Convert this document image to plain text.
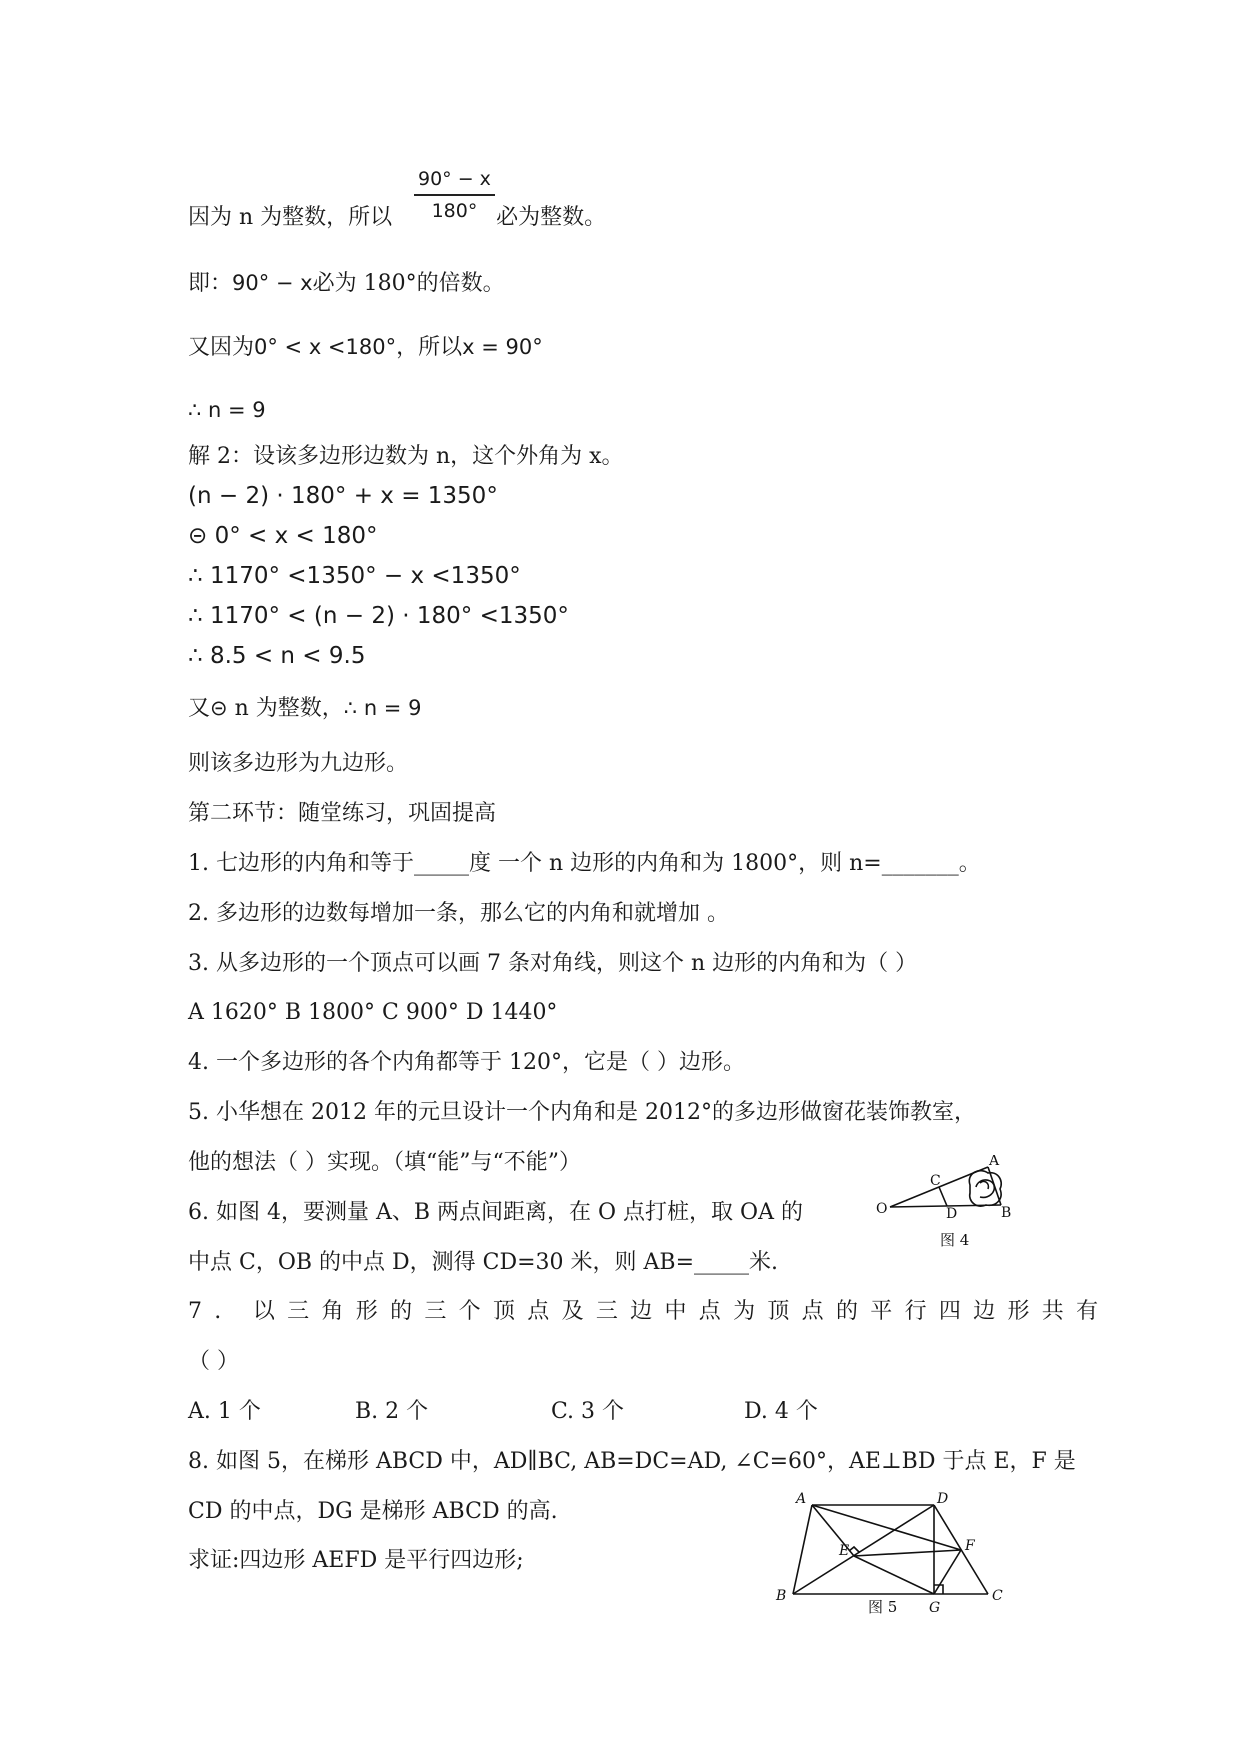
因为 n 为整数，所以	必为整数。
$\frac{90^\circ - x}{180^\circ}$
即：90° − x必为 180°的倍数。
又因为0° < x <180°，所以x = 90°
∴ n = 9
解 2：设该多边形边数为 n，这个外角为 x。
(n − 2) · 180° + x = 1350°
⊝ 0° < x < 180°
∴ 1170° <1350° − x <1350°
∴ 1170° < (n − 2) · 180° <1350°
∴ 8.5 < n < 9.5
又⊝ n 为整数，∴ n = 9
则该多边形为九边形。
第二环节：随堂练习，巩固提高
1. 七边形的内角和等于_____度 一个 n 边形的内角和为 1800°，则 n=_______。
2. 多边形的边数每增加一条，那么它的内角和就增加 。
3. 从多边形的一个顶点可以画 7 条对角线，则这个 n 边形的内角和为（ ）
A 1620° B 1800° C 900° D 1440°
4. 一个多边形的各个内角都等于 120°，它是（ ）边形。
5. 小华想在 2012 年的元旦设计一个内角和是 2012°的多边形做窗花装饰教室，
他的想法（ ）实现。（填“能”与“不能”）
6. 如图 4，要测量 A、B 两点间距离，在 O 点打桩，取 OA 的
中点 C，OB 的中点 D，测得 CD=30 米，则 AB=_____米.
7. 以三角形的三个顶点及三边中点为顶点的平行四边形共有
（ ）
A. 1 个	B. 2 个	C. 3 个	D. 4 个
8. 如图 5，在梯形 ABCD 中，AD∥BC, AB=DC=AD, ∠C=60°，AE⊥BD 于点 E，F 是
CD 的中点，DG 是梯形 ABCD 的高.
求证:四边形 AEFD 是平行四边形;
A
C
O	D	B
图 4
A	D
E	F
B
G
C
图 5
